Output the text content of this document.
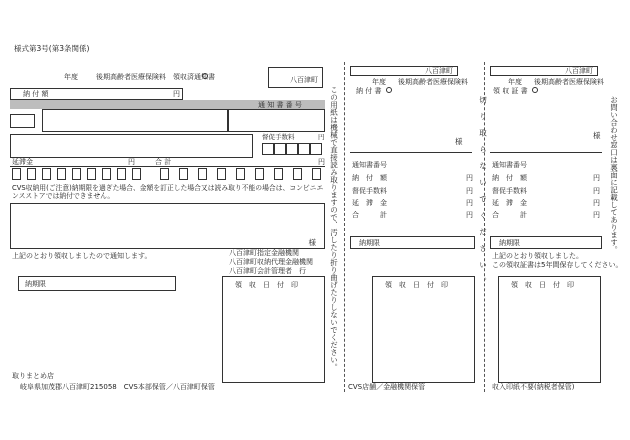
様式第3号(第3条関係)
年度	後期高齢者医療保険料　領収済通知書	八百津町
納 付 額	円
通 知 書 番 号
督促手数料	円
延滞金	円	合 計	円
CVS収納用(ご注意)納期限を過ぎた場合、金額を訂正した場合又は読み取り不能の場合は、コンビニエンスストアでは納付できません。
様
上記のとおり領収しましたので通知します。	八百津町指定金融機関
八百津町収納代理金融機関
八百津町会計管理者　行
納期限	領　収　日　付　印
取りまとめ店
岐阜県加茂郡八百津町215058　CVS本部保管／八百津町保管
この用紙は機械で直接読み取りますので、汚したり折り曲げたりしないでください。
八百津町
年度 後期高齢者医療保険料
納 付 書
様
通知書番号
納　付　額	円
督促手数料	円
延　滞　金	円
合　　　計	円
納期限
領　収　日　付　印
CVS店舗／金融機関保管
切り取らないでください。
八百津町
年度 後期高齢者医療保険料
領 収 証 書
様
通知書番号
納　付　額	円
督促手数料	円
延　滞　金	円
合　　　計	円
納期限
上記のとおり領収しました。
この領収証書は5年間保存してください。
領　収　日　付　印
収入印紙不要(納税者保管)
お問い合わせ窓口は裏面に記載してあります。
